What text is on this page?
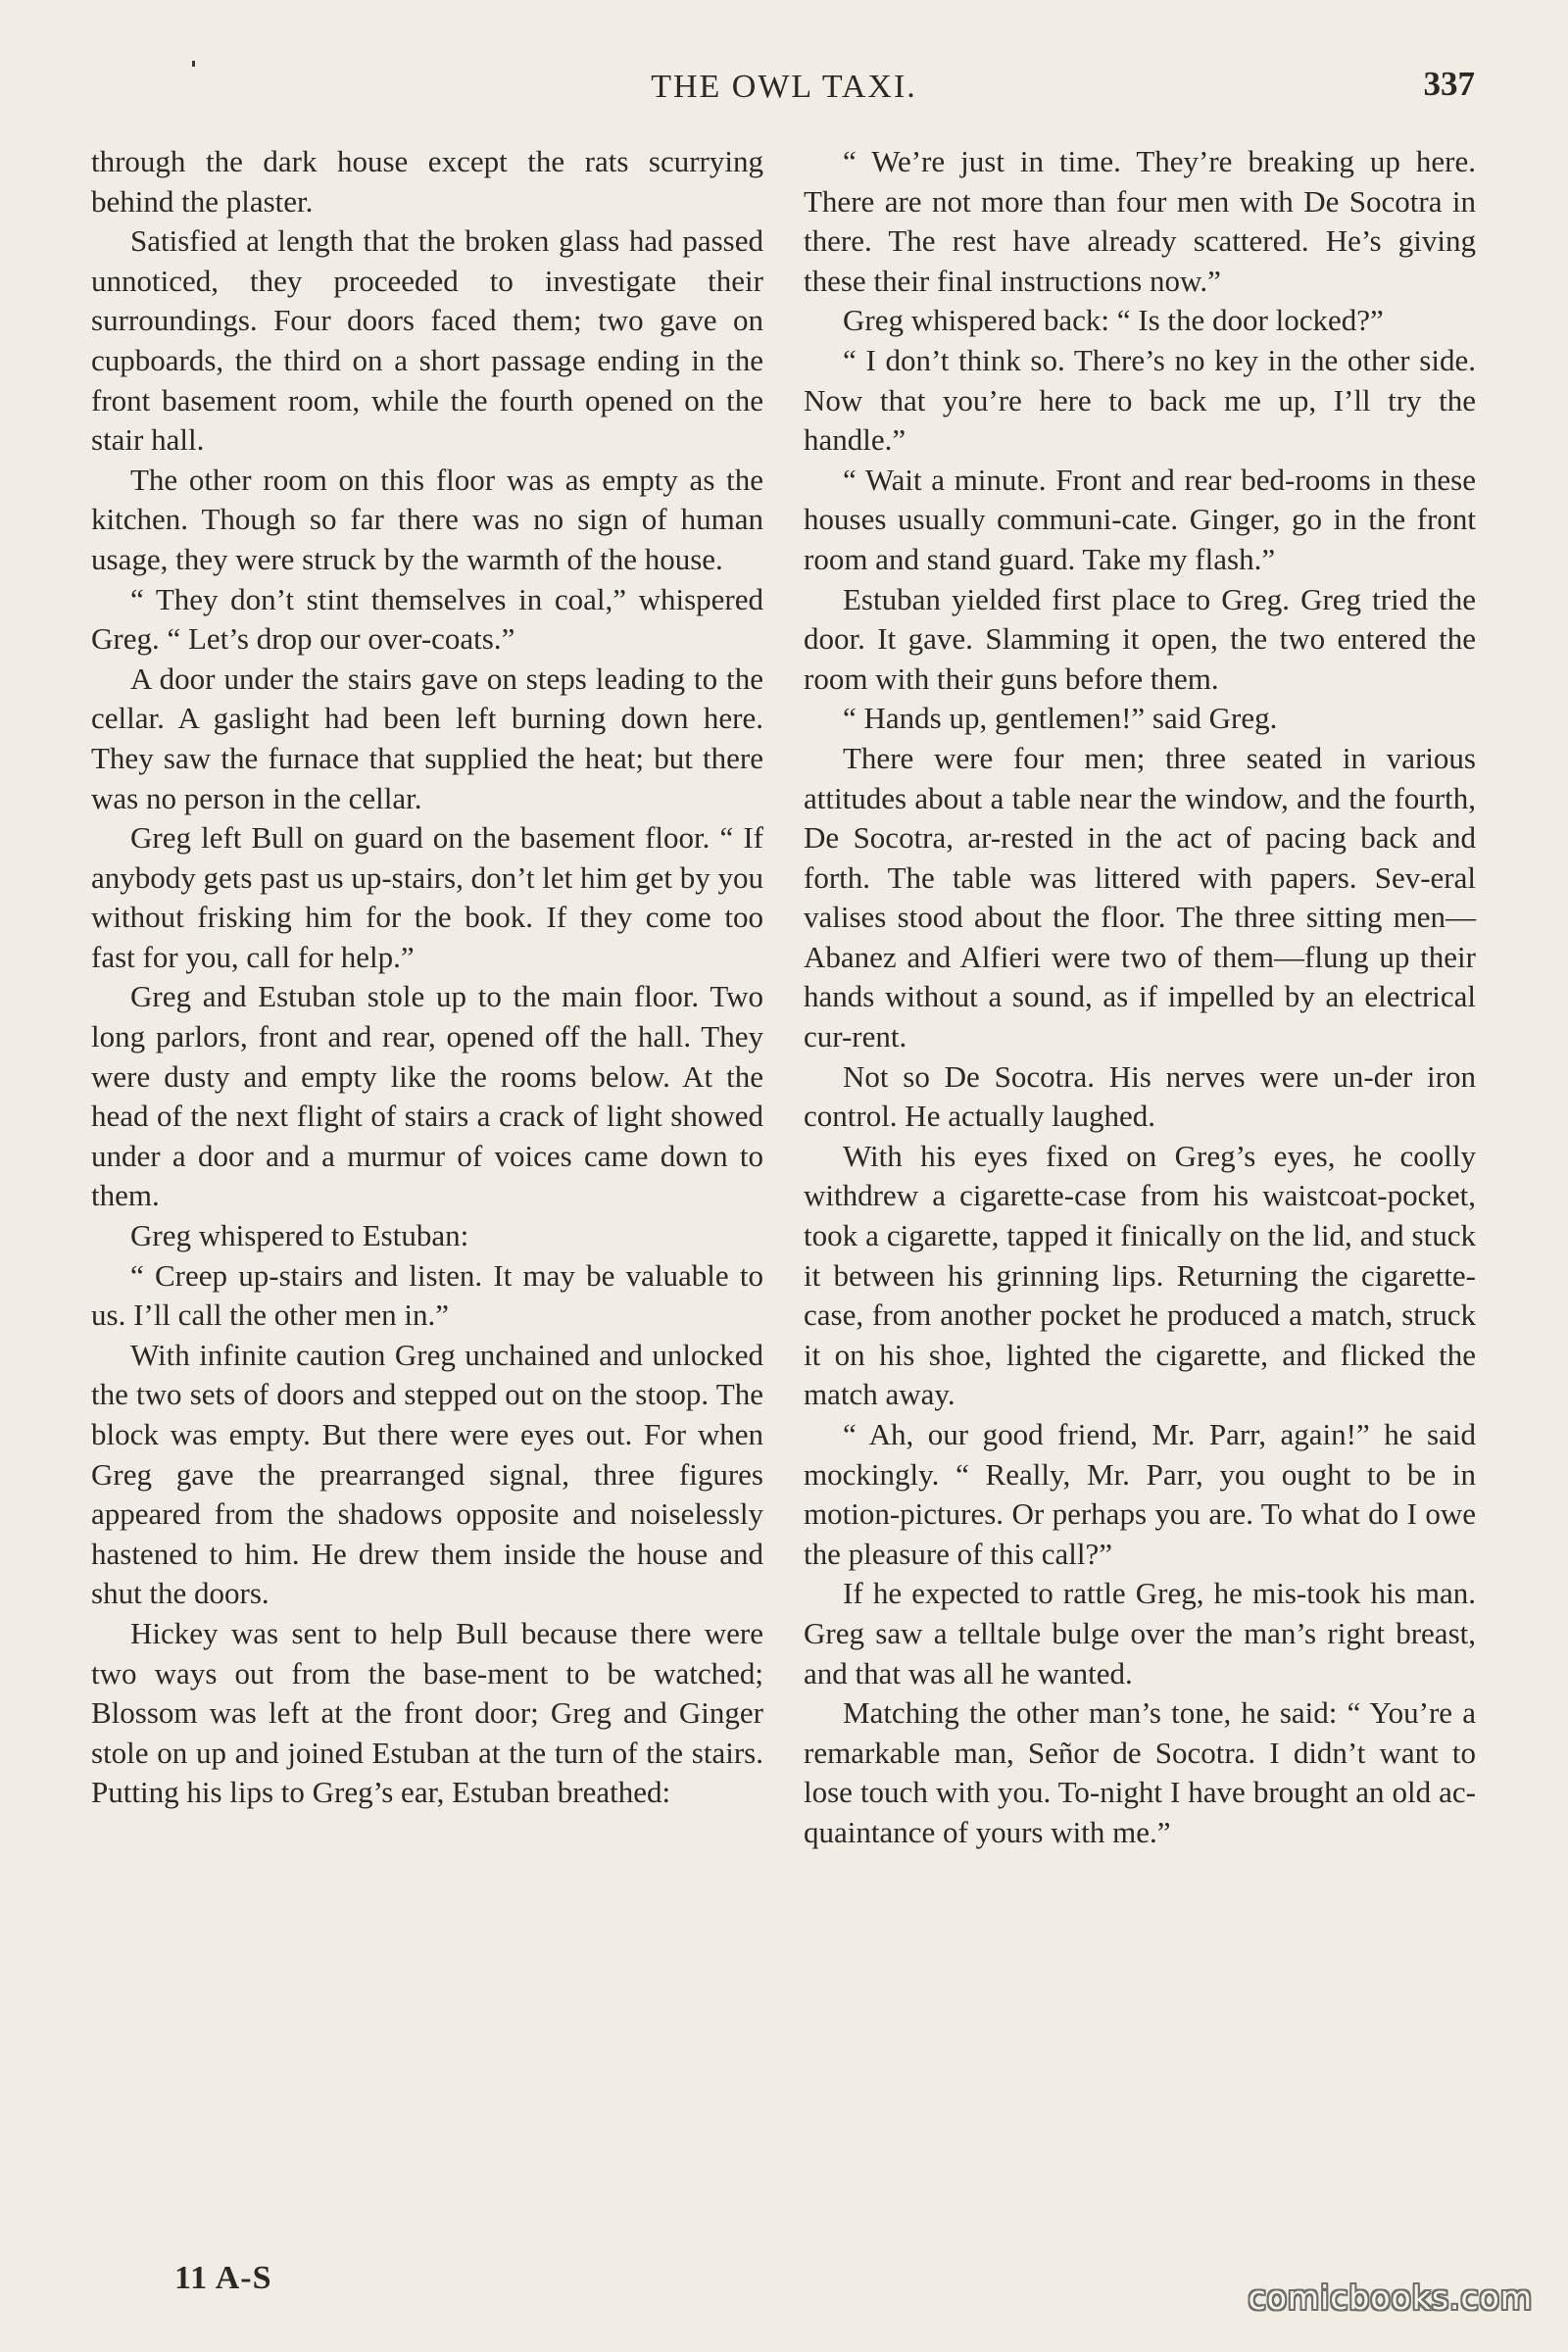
THE OWL TAXI.	337

through the dark house except the rats scurrying behind the plaster.

Satisfied at length that the broken glass had passed unnoticed, they proceeded to investigate their surroundings. Four doors faced them; two gave on cupboards, the third on a short passage ending in the front basement room, while the fourth opened on the stair hall.

The other room on this floor was as empty as the kitchen. Though so far there was no sign of human usage, they were struck by the warmth of the house.

“ They don’t stint themselves in coal,” whispered Greg. “ Let’s drop our over-coats.”

A door under the stairs gave on steps leading to the cellar. A gaslight had been left burning down here. They saw the furnace that supplied the heat; but there was no person in the cellar.

Greg left Bull on guard on the basement floor. “ If anybody gets past us up-stairs, don’t let him get by you without frisking him for the book. If they come too fast for you, call for help.”

Greg and Estuban stole up to the main floor. Two long parlors, front and rear, opened off the hall. They were dusty and empty like the rooms below. At the head of the next flight of stairs a crack of light showed under a door and a murmur of voices came down to them.

Greg whispered to Estuban:

“ Creep up-stairs and listen. It may be valuable to us. I’ll call the other men in.”

With infinite caution Greg unchained and unlocked the two sets of doors and stepped out on the stoop. The block was empty. But there were eyes out. For when Greg gave the prearranged signal, three figures appeared from the shadows opposite and noiselessly hastened to him. He drew them inside the house and shut the doors.

Hickey was sent to help Bull because there were two ways out from the base-ment to be watched; Blossom was left at the front door; Greg and Ginger stole on up and joined Estuban at the turn of the stairs. Putting his lips to Greg’s ear, Estuban breathed:

“ We’re just in time. They’re breaking up here. There are not more than four men with De Socotra in there. The rest have already scattered. He’s giving these their final instructions now.”

Greg whispered back: “ Is the door locked?”

“ I don’t think so. There’s no key in the other side. Now that you’re here to back me up, I’ll try the handle.”

“ Wait a minute. Front and rear bed-rooms in these houses usually communi-cate. Ginger, go in the front room and stand guard. Take my flash.”

Estuban yielded first place to Greg. Greg tried the door. It gave. Slamming it open, the two entered the room with their guns before them.

“ Hands up, gentlemen!” said Greg.

There were four men; three seated in various attitudes about a table near the window, and the fourth, De Socotra, ar-rested in the act of pacing back and forth. The table was littered with papers. Sev-eral valises stood about the floor. The three sitting men—Abanez and Alfieri were two of them—flung up their hands without a sound, as if impelled by an electrical cur-rent.

Not so De Socotra. His nerves were un-der iron control. He actually laughed.

With his eyes fixed on Greg’s eyes, he coolly withdrew a cigarette-case from his waistcoat-pocket, took a cigarette, tapped it finically on the lid, and stuck it between his grinning lips. Returning the cigarette-case, from another pocket he produced a match, struck it on his shoe, lighted the cigarette, and flicked the match away.

“ Ah, our good friend, Mr. Parr, again!” he said mockingly. “ Really, Mr. Parr, you ought to be in motion-pictures. Or perhaps you are. To what do I owe the pleasure of this call?”

If he expected to rattle Greg, he mis-took his man. Greg saw a telltale bulge over the man’s right breast, and that was all he wanted.

Matching the other man’s tone, he said: “ You’re a remarkable man, Señor de Socotra. I didn’t want to lose touch with you. To-night I have brought an old ac-quaintance of yours with me.”

11 A-S
comicbooks.com
